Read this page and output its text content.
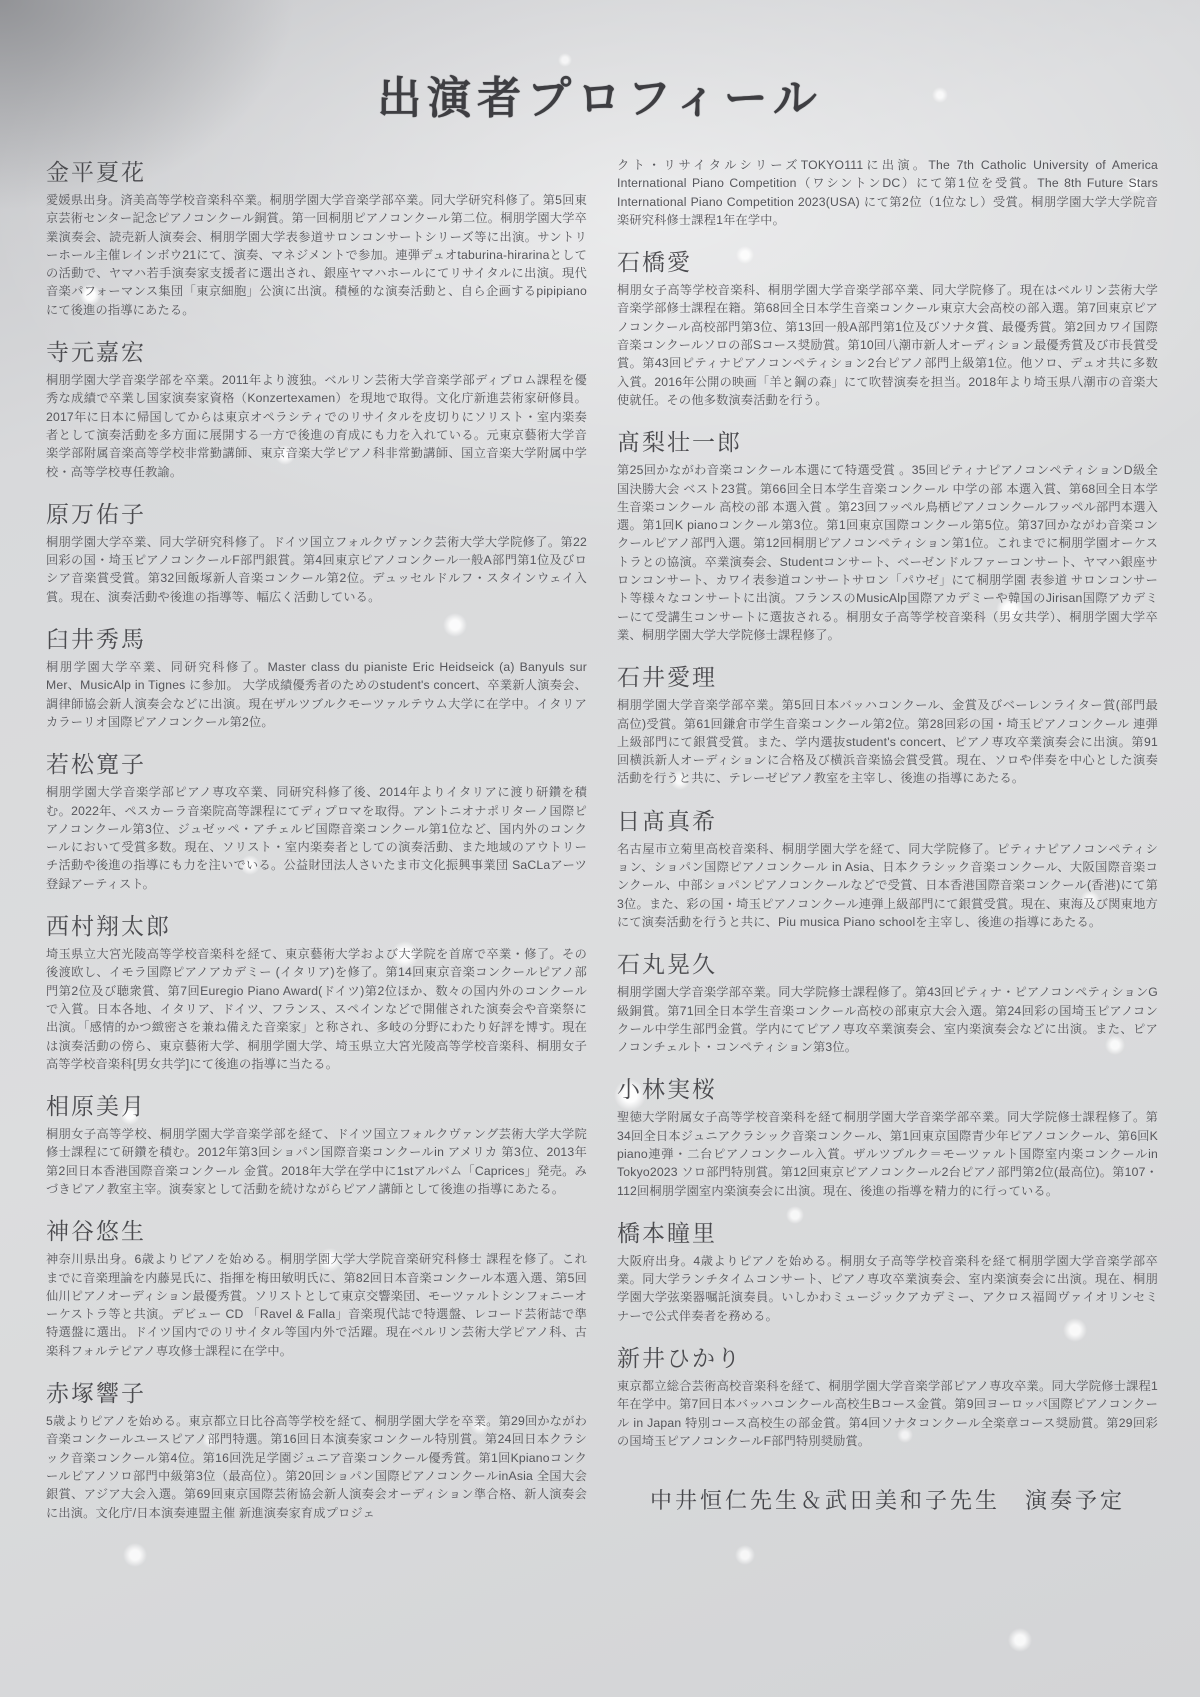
出演者プロフィール
金平夏花

愛媛県出身。済美高等学校音楽科卒業。桐朋学園大学音楽学部卒業。同大学研究科修了。第5回東京芸術センター記念ピアノコンクール銅賞。第一回桐朋ピアノコンクール第二位。桐朋学園大学卒業演奏会、読売新人演奏会、桐朋学園大学表参道サロンコンサートシリーズ等に出演。サントリーホール主催レインボウ21にて、演奏、マネジメントで参加。連弾デュオtaburina-hirarinaとしての活動で、ヤマハ若手演奏家支援者に選出され、銀座ヤマハホールにてリサイタルに出演。現代音楽パフォーマンス集団「東京細胞」公演に出演。積極的な演奏活動と、自ら企画するpipipianoにて後進の指導にあたる。

寺元嘉宏

桐朋学園大学音楽学部を卒業。2011年より渡独。ベルリン芸術大学音楽学部ディプロム課程を優秀な成績で卒業し国家演奏家資格（Konzertexamen）を現地で取得。文化庁新進芸術家研修員。2017年に日本に帰国してからは東京オペラシティでのリサイタルを皮切りにソリスト・室内楽奏者として演奏活動を多方面に展開する一方で後進の育成にも力を入れている。元東京藝術大学音楽学部附属音楽高等学校非常勤講師、東京音楽大学ピアノ科非常勤講師、国立音楽大学附属中学校・高等学校専任教諭。

原万佑子

桐朋学園大学卒業、同大学研究科修了。ドイツ国立フォルクヴァンク芸術大学大学院修了。第22回彩の国・埼玉ピアノコンクールF部門銀賞。第4回東京ピアノコンクール一般A部門第1位及びロシア音楽賞受賞。第32回飯塚新人音楽コンクール第2位。デュッセルドルフ・スタインウェイ入賞。現在、演奏活動や後進の指導等、幅広く活動している。

臼井秀馬

桐朋学園大学卒業、同研究科修了。Master class du pianiste Eric Heidseick (a) Banyuls sur Mer、MusicAlp in Tignes に参加。 大学成績優秀者のためのstudent's concert、卒業新人演奏会、調律師協会新人演奏会などに出演。現在ザルツブルクモーツァルテウム大学に在学中。イタリア カラーリオ国際ピアノコンクール第2位。

若松寛子

桐朋学園大学音楽学部ピアノ専攻卒業、同研究科修了後、2014年よりイタリアに渡り研鑽を積む。2022年、ペスカーラ音楽院高等課程にてディプロマを取得。アントニオナポリターノ国際ピアノコンクール第3位、ジュゼッペ・アチェルビ国際音楽コンクール第1位など、国内外のコンクールにおいて受賞多数。現在、ソリスト・室内楽奏者としての演奏活動、また地域のアウトリーチ活動や後進の指導にも力を注いでいる。公益財団法人さいたま市文化振興事業団 SaCLaアーツ登録アーティスト。

西村翔太郎

埼玉県立大宮光陵高等学校音楽科を経て、東京藝術大学および大学院を首席で卒業・修了。その後渡欧し、イモラ国際ピアノアカデミー (イタリア)を修了。第14回東京音楽コンクールピアノ部門第2位及び聴衆賞、第7回Euregio Piano Award(ドイツ)第2位ほか、数々の国内外のコンクールで入賞。日本各地、イタリア、ドイツ、フランス、スペインなどで開催された演奏会や音楽祭に出演。「感情的かつ緻密さを兼ね備えた音楽家」と称され、多岐の分野にわたり好評を博す。現在は演奏活動の傍ら、東京藝術大学、桐朋学園大学、埼玉県立大宮光陵高等学校音楽科、桐朋女子高等学校音楽科[男女共学]にて後進の指導に当たる。

相原美月

桐朋女子高等学校、桐朋学園大学音楽学部を経て、ドイツ国立フォルクヴァング芸術大学大学院修士課程にて研鑽を積む。2012年第3回ショパン国際音楽コンクールin アメリカ 第3位、2013年第2回日本香港国際音楽コンクール 金賞。2018年大学在学中に1stアルバム「Caprices」発売。みづきピアノ教室主宰。演奏家として活動を続けながらピアノ講師として後進の指導にあたる。

神谷悠生

神奈川県出身。6歳よりピアノを始める。桐朋学園大学大学院音楽研究科修士 課程を修了。これまでに音楽理論を内藤晃氏に、指揮を梅田敏明氏に、第82回日本音楽コンクール本選入選、第5回仙川ピアノオーディション最優秀賞。ソリストとして東京交響楽団、モーツァルトシンフォニーオーケストラ等と共演。デビュー CD 「Ravel & Falla」音楽現代誌で特選盤、レコード芸術誌で準特選盤に選出。ドイツ国内でのリサイタル等国内外で活躍。現在ベルリン芸術大学ピアノ科、古楽科フォルテピアノ専攻修士課程に在学中。

赤塚響子

5歳よりピアノを始める。東京都立日比谷高等学校を経て、桐朋学園大学を卒業。第29回かながわ音楽コンクールユースピアノ部門特選。第16回日本演奏家コンクール特別賞。第24回日本クラシック音楽コンクール第4位。第16回洗足学園ジュニア音楽コンクール優秀賞。第1回Kpianoコンクールピアノソロ部門中級第3位（最高位）。第20回ショパン国際ピアノコンクールinAsia 全国大会銀賞、アジア大会入選。第69回東京国際芸術協会新人演奏会オーディション準合格、新人演奏会に出演。文化庁/日本演奏連盟主催 新進演奏家育成プロジェ

クト・リサイタルシリーズTOKYO111に出演。The 7th Catholic University of America International Piano Competition（ワシントンDC）にて第1位を受賞。The 8th Future Stars International Piano Competition 2023(USA) にて第2位（1位なし）受賞。桐朋学園大学大学院音楽研究科修士課程1年在学中。

石橋愛

桐朋女子高等学校音楽科、桐朋学園大学音楽学部卒業、同大学院修了。現在はベルリン芸術大学音楽学部修士課程在籍。第68回全日本学生音楽コンクール東京大会高校の部入選。第7回東京ピアノコンクール高校部門第3位、第13回一般A部門第1位及びソナタ賞、最優秀賞。第2回カワイ国際音楽コンクールソロの部Sコース奨励賞。第10回八潮市新人オーディション最優秀賞及び市長賞受賞。第43回ピティナピアノコンペティション2台ピアノ部門上級第1位。他ソロ、デュオ共に多数入賞。2016年公開の映画「羊と鋼の森」にて吹替演奏を担当。2018年より埼玉県八潮市の音楽大使就任。その他多数演奏活動を行う。

髙梨壮一郎

第25回かながわ音楽コンクール本選にて特選受賞 。35回ピティナピアノコンペティションD級全国決勝大会 ベスト23賞。第66回全日本学生音楽コンクール 中学の部 本選入賞、第68回全日本学生音楽コンクール 高校の部 本選入賞 。第23回フッペル鳥栖ピアノコンクールフッペル部門本選入選。第1回K pianoコンクール第3位。第1回東京国際コンクール第5位。第37回かながわ音楽コンクールピアノ部門入選。第12回桐朋ピアノコンペティション第1位。これまでに桐朋学園オーケストラとの協演。卒業演奏会、Studentコンサート、ベーゼンドルファーコンサート、ヤマハ銀座サロンコンサート、カワイ表参道コンサートサロン「パウゼ」にて桐朋学園 表参道 サロンコンサート等様々なコンサートに出演。フランスのMusicAlp国際アカデミーや韓国のJirisan国際アカデミーにて受講生コンサートに選抜される。桐朋女子高等学校音楽科（男女共学）、桐朋学園大学卒業、桐朋学園大学大学院修士課程修了。

石井愛理

桐朋学園大学音楽学部卒業。第5回日本バッハコンクール、金賞及びベーレンライター賞(部門最高位)受賞。第61回鎌倉市学生音楽コンクール第2位。第28回彩の国・埼玉ピアノコンクール 連弾上級部門にて銀賞受賞。また、学内選抜student's concert、ピアノ専攻卒業演奏会に出演。第91回横浜新人オーディションに合格及び横浜音楽協会賞受賞。現在、ソロや伴奏を中心とした演奏活動を行うと共に、テレーゼピアノ教室を主宰し、後進の指導にあたる。

日髙真希

名古屋市立菊里高校音楽科、桐朋学園大学を経て、同大学院修了。ピティナピアノコンペティション、ショパン国際ピアノコンクール in Asia、日本クラシック音楽コンクール、大阪国際音楽コンクール、中部ショパンピアノコンクールなどで受賞、日本香港国際音楽コンクール(香港)にて第3位。また、彩の国・埼玉ピアノコンクール連弾上級部門にて銀賞受賞。現在、東海及び関東地方にて演奏活動を行うと共に、Piu musica Piano schoolを主宰し、後進の指導にあたる。

石丸晃久

桐朋学園大学音楽学部卒業。同大学院修士課程修了。第43回ピティナ・ピアノコンペティションG級銅賞。第71回全日本学生音楽コンクール高校の部東京大会入選。第24回彩の国埼玉ピアノコンクール中学生部門金賞。学内にてピアノ専攻卒業演奏会、室内楽演奏会などに出演。また、ピアノコンチェルト・コンペティション第3位。

小林実桜

聖徳大学附属女子高等学校音楽科を経て桐朋学園大学音楽学部卒業。同大学院修士課程修了。第34回全日本ジュニアクラシック音楽コンクール、第1回東京国際青少年ピアノコンクール、第6回K piano連弾・二台ピアノコンクール入賞。ザルツブルク＝モーツァルト国際室内楽コンクールin Tokyo2023 ソロ部門特別賞。第12回東京ピアノコンクール2台ピアノ部門第2位(最高位)。第107・112回桐朋学園室内楽演奏会に出演。現在、後進の指導を精力的に行っている。

橋本瞳里

大阪府出身。4歳よりピアノを始める。桐朋女子高等学校音楽科を経て桐朋学園大学音楽学部卒業。同大学ランチタイムコンサート、ピアノ専攻卒業演奏会、室内楽演奏会に出演。現在、桐朋学園大学弦楽器嘱託演奏員。いしかわミュージックアカデミー、アクロス福岡ヴァイオリンセミナーで公式伴奏者を務める。

新井ひかり

東京都立総合芸術高校音楽科を経て、桐朋学園大学音楽学部ピアノ専攻卒業。同大学院修士課程1年在学中。第7回日本バッハコンクール高校生Bコース金賞。第9回ヨーロッパ国際ピアノコンクール in Japan 特別コース高校生の部金賞。第4回ソナタコンクール全楽章コース奨励賞。第29回彩の国埼玉ピアノコンクールF部門特別奨励賞。

中井恒仁先生＆武田美和子先生　演奏予定
